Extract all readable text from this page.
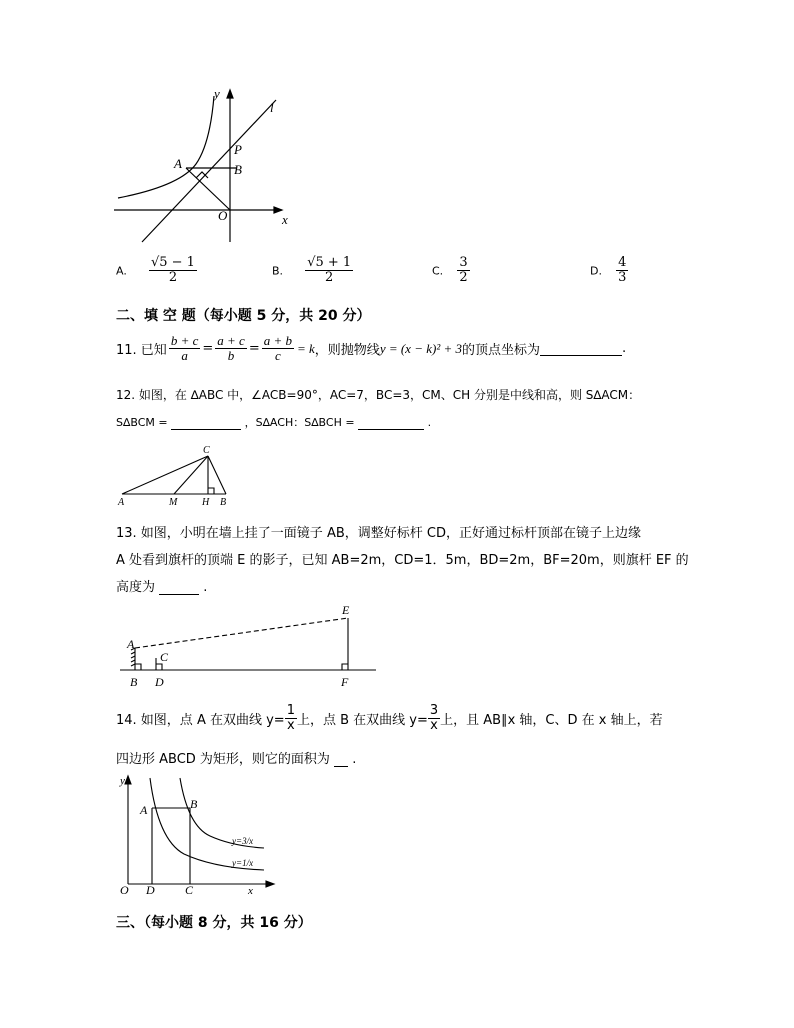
y
l
A
P
B
O	x
A. $\frac{√5 - 1}{2}$	B. $\frac{√5 + 1}{2}$	C. $\frac{3}{2}$	D. $\frac{4}{3}$
二、填 空 题（每小题 5 分，共 20 分）
11. 已知 $\frac{b + c}{a} = \frac{a + c}{b} = \frac{a + b}{c} = k$ ，则抛物线 y = (x − k)² + 3 的顶点坐标为	.
12. 如图，在 ∆ABC 中，∠ACB=90°，AC=7，BC=3，CM、CH 分别是中线和高，则 S∆ACM：
S∆BCM =	，S∆ACH：S∆BCH =	.
C
A	M H B
13. 如图，小明在墙上挂了一面镜子 AB，调整好标杆 CD，正好通过标杆顶部在镜子上边缘
A 处看到旗杆的顶端 E 的影子，已知 AB=2m，CD=1．5m，BD=2m，BF=20m，则旗杆 EF 的
高度为	.
E
A
C
B D	F
14. 如图，点 A 在双曲线 $y= \frac{1}{x}$ 上，点 B 在双曲线 $y= \frac{3}{x}$ 上，且 AB∥x 轴，C、D 在 x 轴上，若
四边形 ABCD 为矩形，则它的面积为 .
y
A	B
O D	C	x
y=3/x
y=1/x
三、（每小题 8 分，共 16 分）
